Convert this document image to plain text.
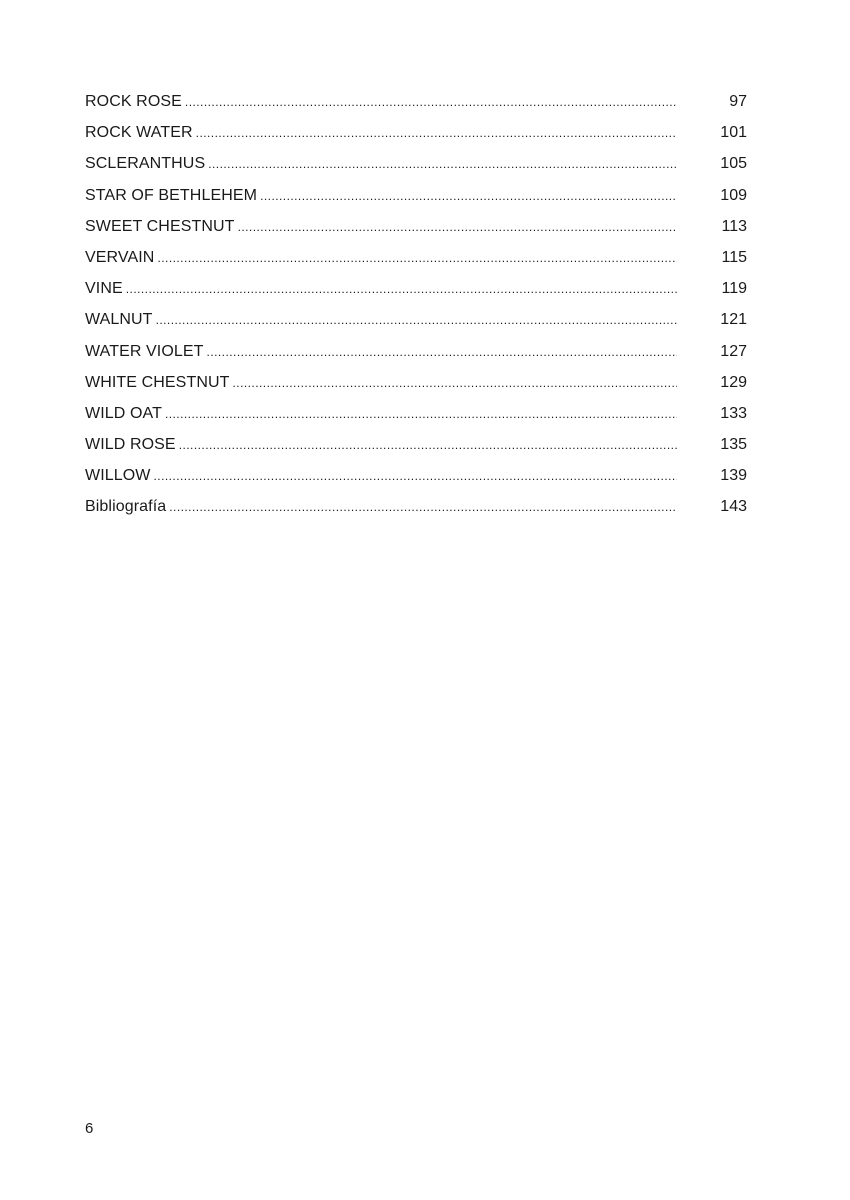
ROCK ROSE .....	97
ROCK WATER .....	101
SCLERANTHUS .....	105
STAR OF BETHLEHEM .....	109
SWEET CHESTNUT .....	113
VERVAIN .....	115
VINE .....	119
WALNUT .....	121
WATER VIOLET .....	127
WHITE CHESTNUT .....	129
WILD OAT .....	133
WILD ROSE .....	135
WILLOW .....	139
Bibliografía .....	143
6
